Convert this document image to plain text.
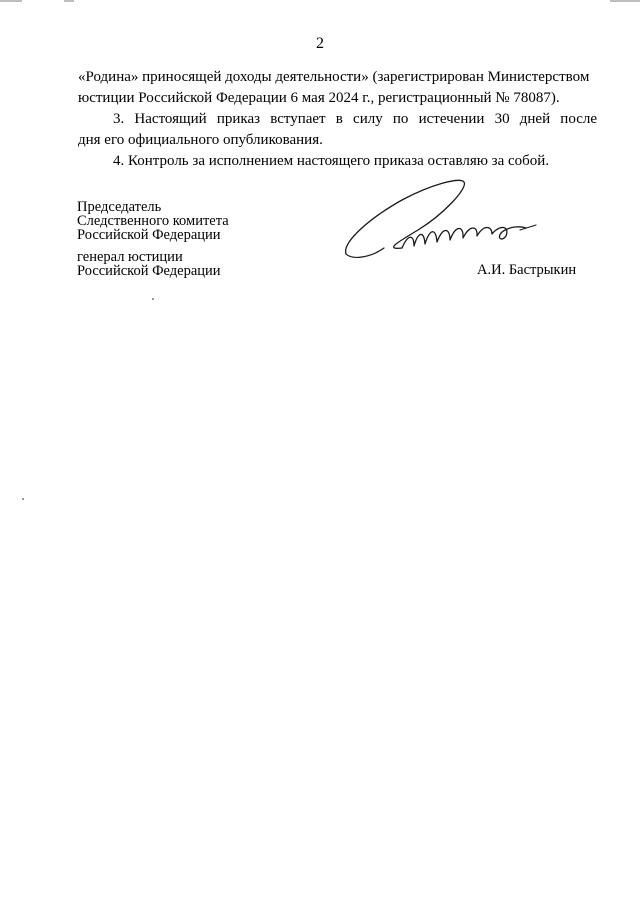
2
«Родина» приносящей доходы деятельности» (зарегистрирован Министерством
юстиции Российской Федерации 6 мая 2024 г., регистрационный № 78087).
3. Настоящий приказ вступает в силу по истечении 30 дней после
дня его официального опубликования.
4. Контроль за исполнением настоящего приказа оставляю за собой.
Председатель
Следственного комитета
Российской Федерации
генерал юстиции
Российской Федерации	А.И. Бастрыкин
